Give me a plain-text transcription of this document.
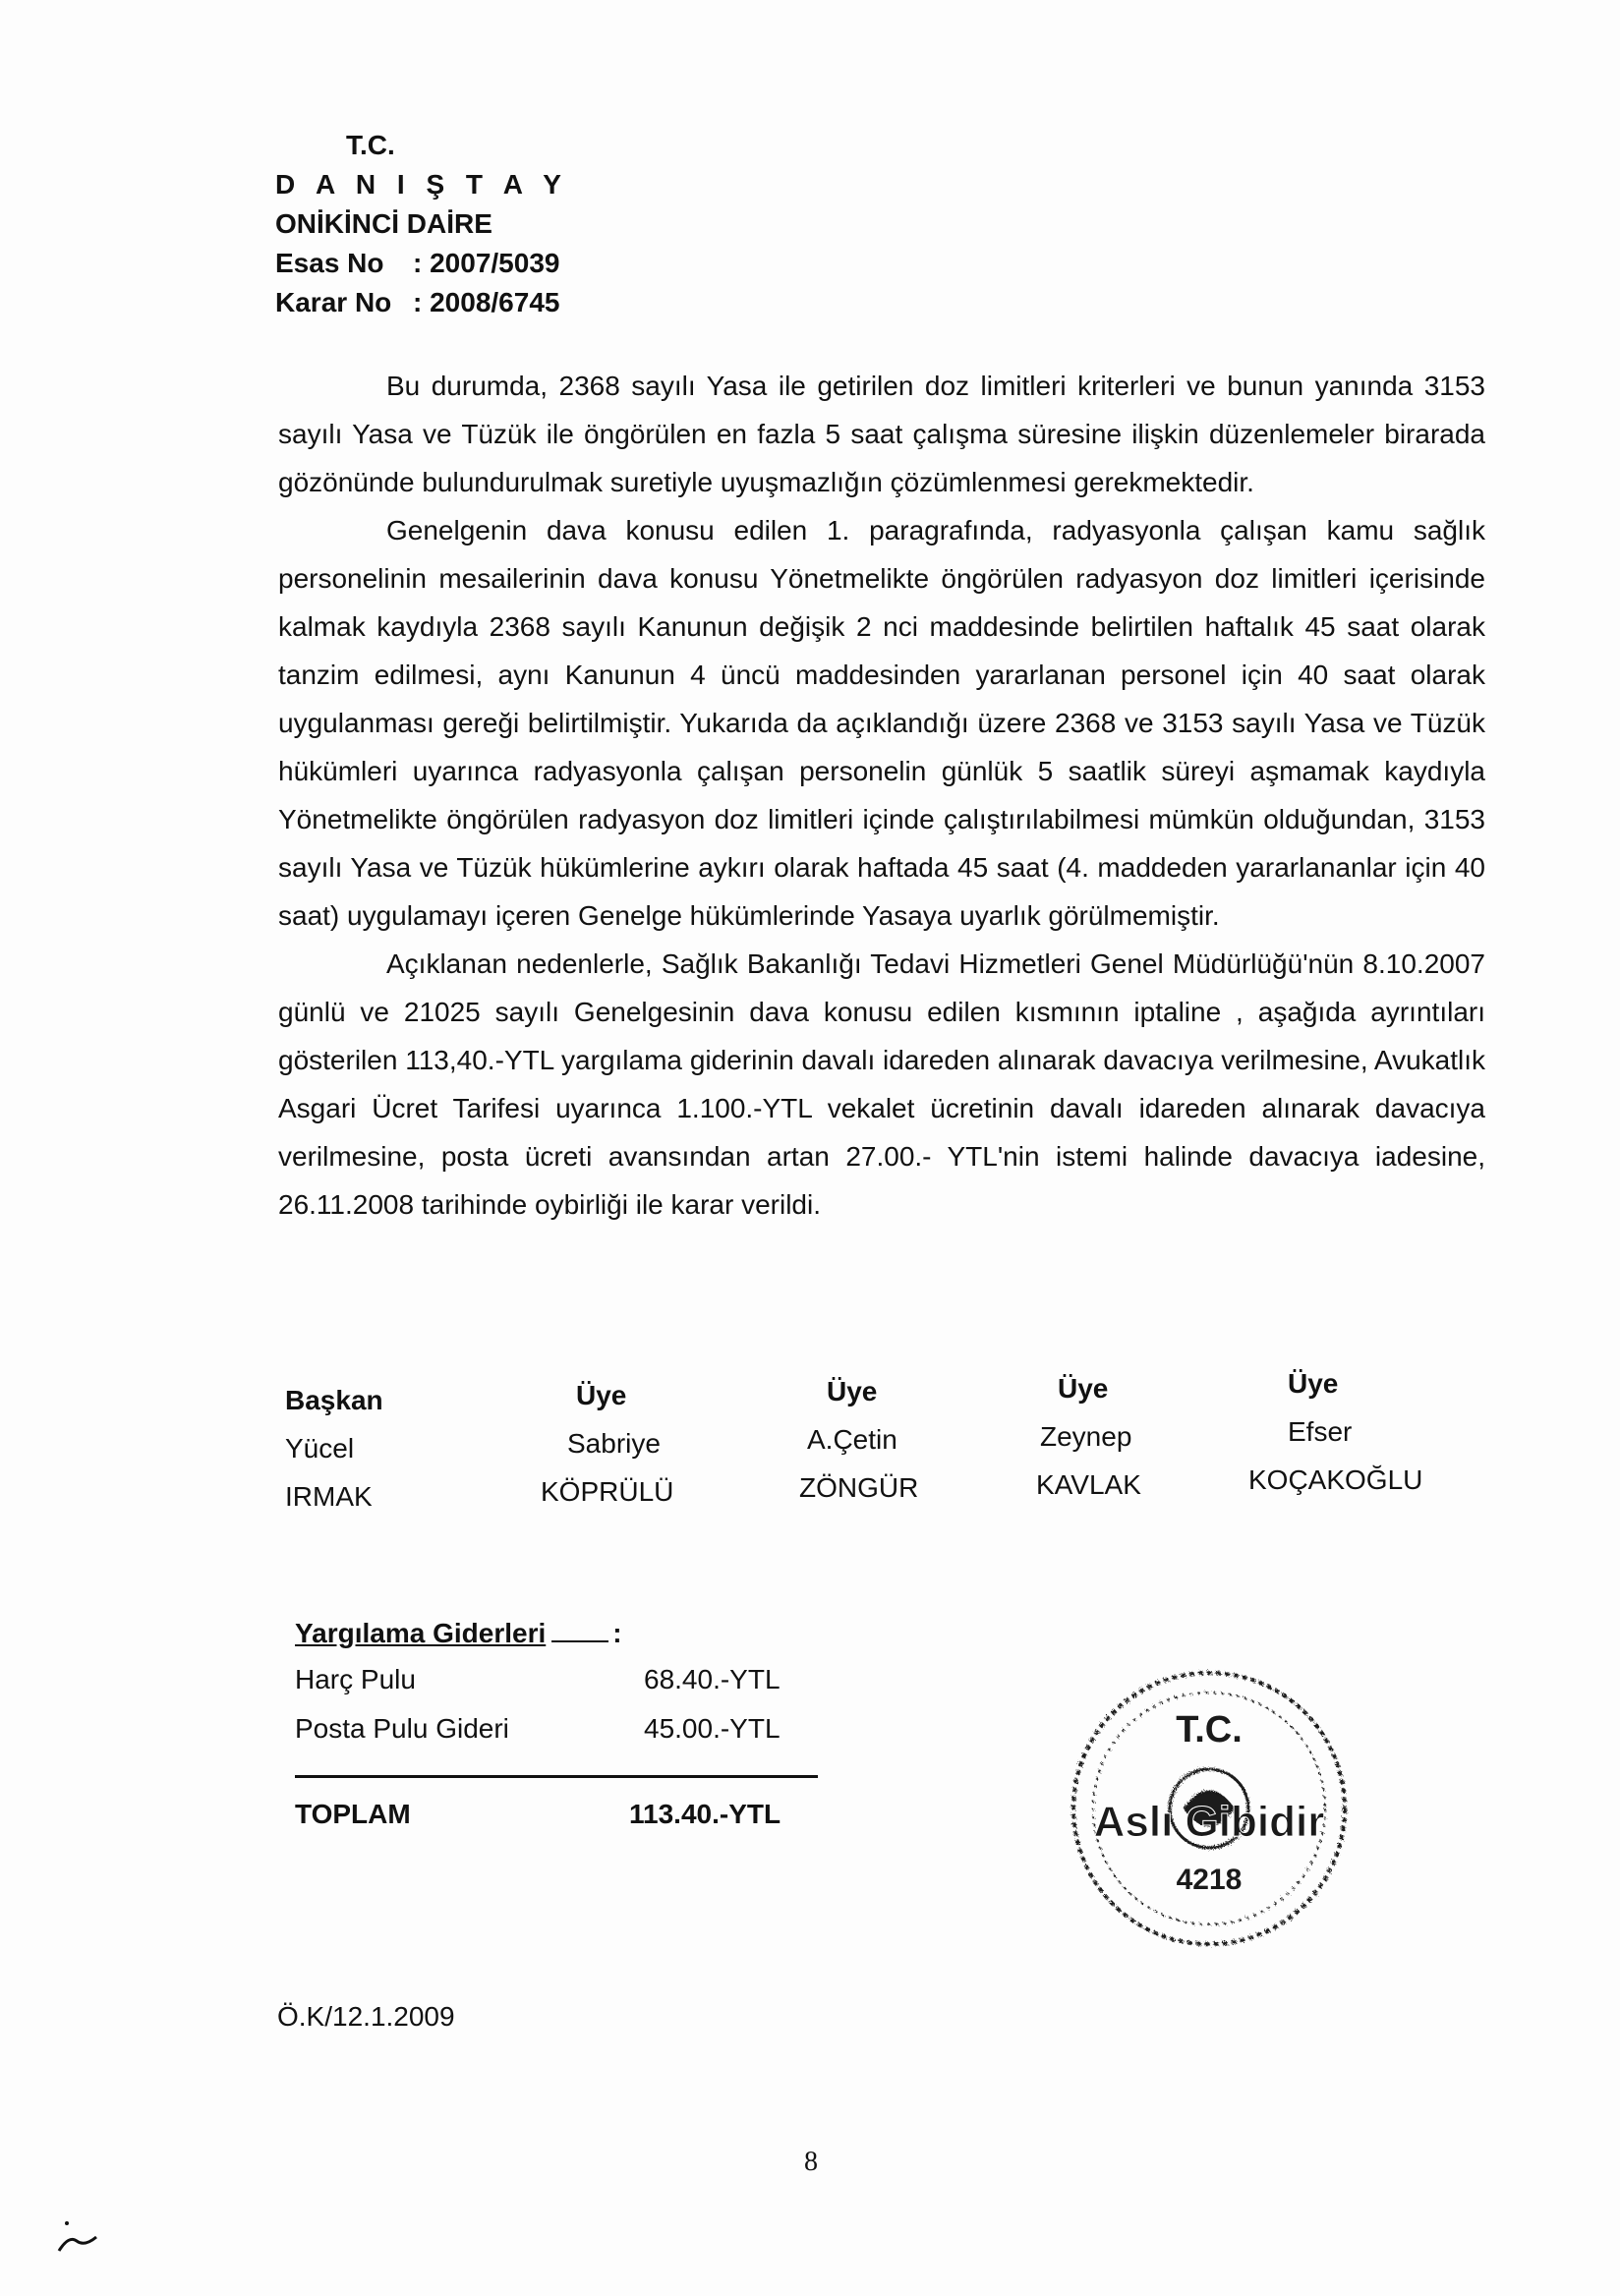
T.C.
D A N I Ş T A Y
ONİKİNCİ DAİRE
Esas No : 2007/5039
Karar No : 2008/6745

Bu durumda, 2368 sayılı Yasa ile getirilen doz limitleri kriterleri ve bunun yanında 3153 sayılı Yasa ve Tüzük ile öngörülen en fazla 5 saat çalışma süresine ilişkin düzenlemeler birarada gözönünde bulundurulmak suretiyle uyuşmazlığın çözümlenmesi gerekmektedir.

Genelgenin dava konusu edilen 1. paragrafında, radyasyonla çalışan kamu sağlık personelinin mesailerinin dava konusu Yönetmelikte öngörülen radyasyon doz limitleri içerisinde kalmak kaydıyla 2368 sayılı Kanunun değişik 2 nci maddesinde belirtilen haftalık 45 saat olarak tanzim edilmesi, aynı Kanunun 4 üncü maddesinden yararlanan personel için 40 saat olarak uygulanması gereği belirtilmiştir. Yukarıda da açıklandığı üzere 2368 ve 3153 sayılı Yasa ve Tüzük hükümleri uyarınca radyasyonla çalışan personelin günlük 5 saatlik süreyi aşmamak kaydıyla Yönetmelikte öngörülen radyasyon doz limitleri içinde çalıştırılabilmesi mümkün olduğundan, 3153 sayılı Yasa ve Tüzük hükümlerine aykırı olarak haftada 45 saat (4. maddeden yararlananlar için 40 saat) uygulamayı içeren Genelge hükümlerinde Yasaya uyarlık görülmemiştir.

Açıklanan nedenlerle, Sağlık Bakanlığı Tedavi Hizmetleri Genel Müdürlüğü'nün 8.10.2007 günlü ve 21025 sayılı Genelgesinin dava konusu edilen kısmının iptaline , aşağıda ayrıntıları gösterilen 113,40.-YTL yargılama giderinin davalı idareden alınarak davacıya verilmesine, Avukatlık Asgari Ücret Tarifesi uyarınca 1.100.-YTL vekalet ücretinin davalı idareden alınarak davacıya verilmesine, posta ücreti avansından artan 27.00.- YTL'nin istemi halinde davacıya iadesine, 26.11.2008 tarihinde oybirliği ile karar verildi.

Başkan
Yücel
IRMAK
Üye
Sabriye
KÖPRÜLÜ
Üye
A.Çetin
ZÖNGÜR
Üye
Zeynep
KAVLAK
Üye
Efser
KOÇAKOĞLU
Yargılama Giderleri :
Harç Pulu	68.40.-YTL
Posta Pulu Gideri	45.00.-YTL
TOPLAM	113.40.-YTL
T.C.
Aslı Gibidir
4218
Ö.K/12.1.2009
8
